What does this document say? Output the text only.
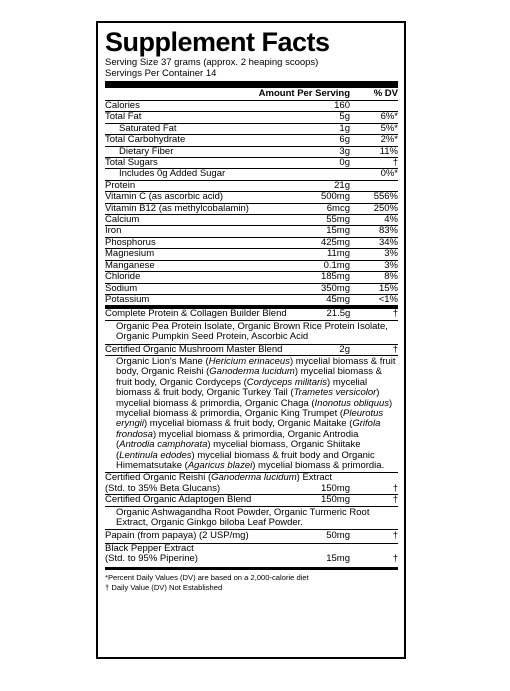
Supplement Facts
Serving Size 37 grams (approx. 2 heaping scoops)
Servings Per Container 14
Amount Per Serving	% DV
Calories	160
Total Fat	5g	6%*
Saturated Fat	1g	5%*
Total Carbohydrate	6g	2%*
Dietary Fiber	3g	11%
Total Sugars	0g	†
Includes 0g Added Sugar	0%*
Protein	21g
Vitamin C (as ascorbic acid)	500mg	556%
Vitamin B12 (as methylcobalamin)	6mcg	250%
Calcium	55mg	4%
Iron	15mg	83%
Phosphorus	425mg	34%
Magnesium	11mg	3%
Manganese	0.1mg	3%
Chloride	185mg	8%
Sodium	350mg	15%
Potassium	45mg	<1%
Complete Protein & Collagen Builder Blend	21.5g	†
Organic Pea Protein Isolate, Organic Brown Rice Protein Isolate, Organic Pumpkin Seed Protein, Ascorbic Acid
Certified Organic Mushroom Master Blend	2g	†
Organic Lion's Mane (Hericium erinaceus) mycelial biomass & fruit body, Organic Reishi (Ganoderma lucidum) mycelial biomass & fruit body, Organic Cordyceps (Cordyceps militaris) mycelial biomass & fruit body, Organic Turkey Tail (Trametes versicolor) mycelial biomass & primordia, Organic Chaga (Inonotus obliquus) mycelial biomass & primordia, Organic King Trumpet (Pleurotus eryngii) mycelial biomass & fruit body, Organic Maitake (Grifola frondosa) mycelial biomass & primordia, Organic Antrodia (Antrodia camphorata) mycelial biomass, Organic Shiitake (Lentinula edodes) mycelial biomass & fruit body and Organic Himematsutake (Agaricus blazei) mycelial biomass & primordia.
Certified Organic Reishi (Ganoderma lucidum) Extract
(Std. to 35% Beta Glucans)	150mg	†
Certified Organic Adaptogen Blend	150mg	†
Organic Ashwagandha Root Powder, Organic Turmeric Root Extract, Organic Ginkgo biloba Leaf Powder.
Papain (from papaya) (2 USP/mg)	50mg	†
Black Pepper Extract
(Std. to 95% Piperine)	15mg	†
*Percent Daily Values (DV) are based on a 2,000-calorie diet
† Daily Value (DV) Not Established
